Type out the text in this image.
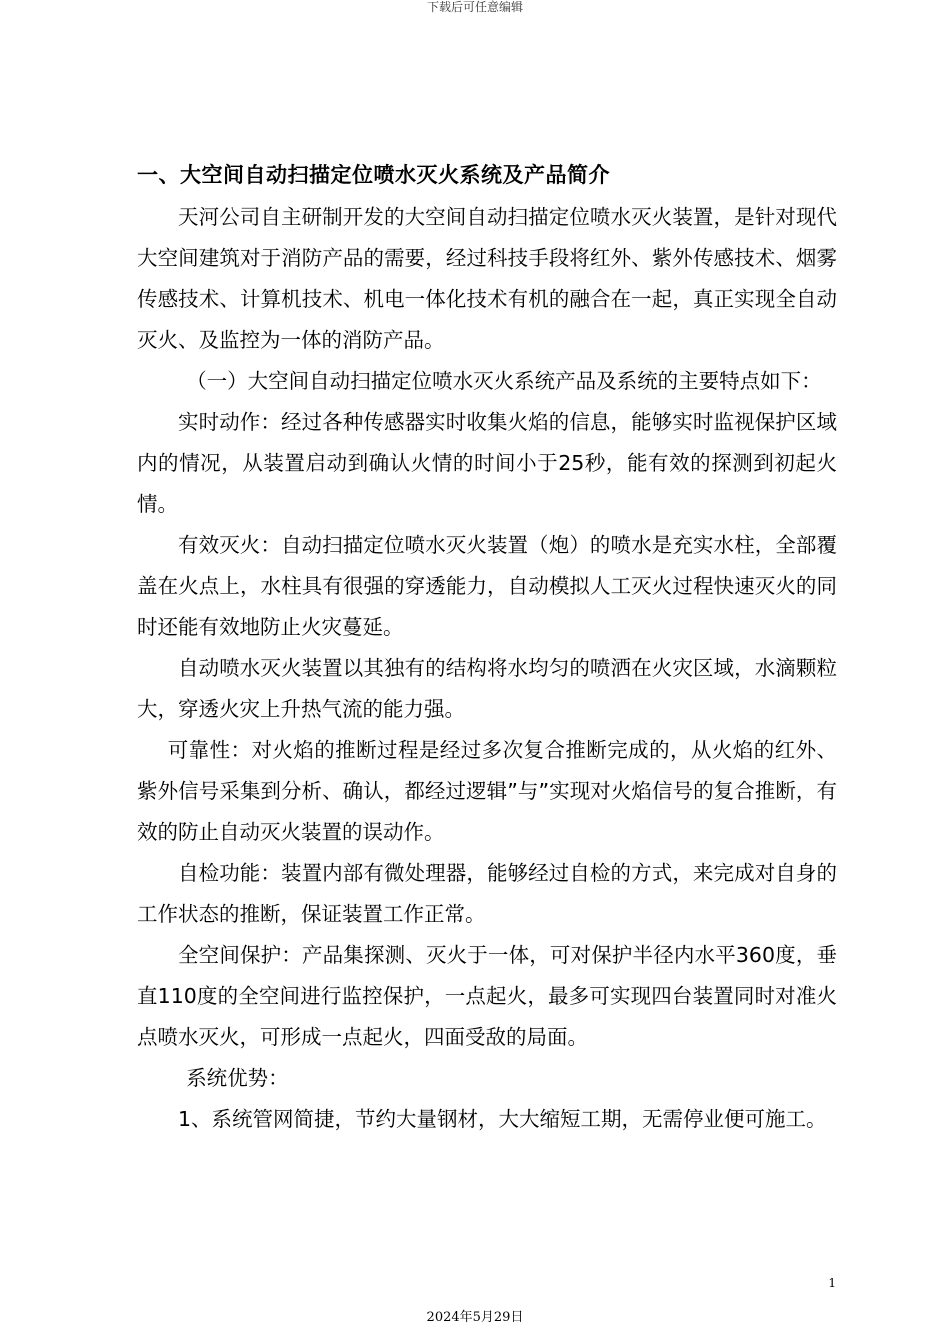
下载后可任意编辑
一、大空间自动扫描定位喷水灭火系统及产品简介

天河公司自主研制开发的大空间自动扫描定位喷水灭火装置，是针对现代大空间建筑对于消防产品的需要，经过科技手段将红外、紫外传感技术、烟雾传感技术、计算机技术、机电一体化技术有机的融合在一起，真正实现全自动灭火、及监控为一体的消防产品。

（一）大空间自动扫描定位喷水灭火系统产品及系统的主要特点如下：

实时动作：经过各种传感器实时收集火焰的信息，能够实时监视保护区域内的情况，从装置启动到确认火情的时间小于25秒，能有效的探测到初起火情。

有效灭火：自动扫描定位喷水灭火装置（炮）的喷水是充实水柱，全部覆盖在火点上，水柱具有很强的穿透能力，自动模拟人工灭火过程快速灭火的同时还能有效地防止火灾蔓延。

自动喷水灭火装置以其独有的结构将水均匀的喷洒在火灾区域，水滴颗粒大，穿透火灾上升热气流的能力强。

可靠性：对火焰的推断过程是经过多次复合推断完成的，从火焰的红外、紫外信号采集到分析、确认，都经过逻辑”与”实现对火焰信号的复合推断，有效的防止自动灭火装置的误动作。

自检功能：装置内部有微处理器，能够经过自检的方式，来完成对自身的工作状态的推断，保证装置工作正常。

全空间保护：产品集探测、灭火于一体，可对保护半径内水平360度，垂直110度的全空间进行监控保护，一点起火，最多可实现四台装置同时对准火点喷水灭火，可形成一点起火，四面受敌的局面。

系统优势：

1、系统管网简捷，节约大量钢材，大大缩短工期，无需停业便可施工。

1
2024年5月29日
